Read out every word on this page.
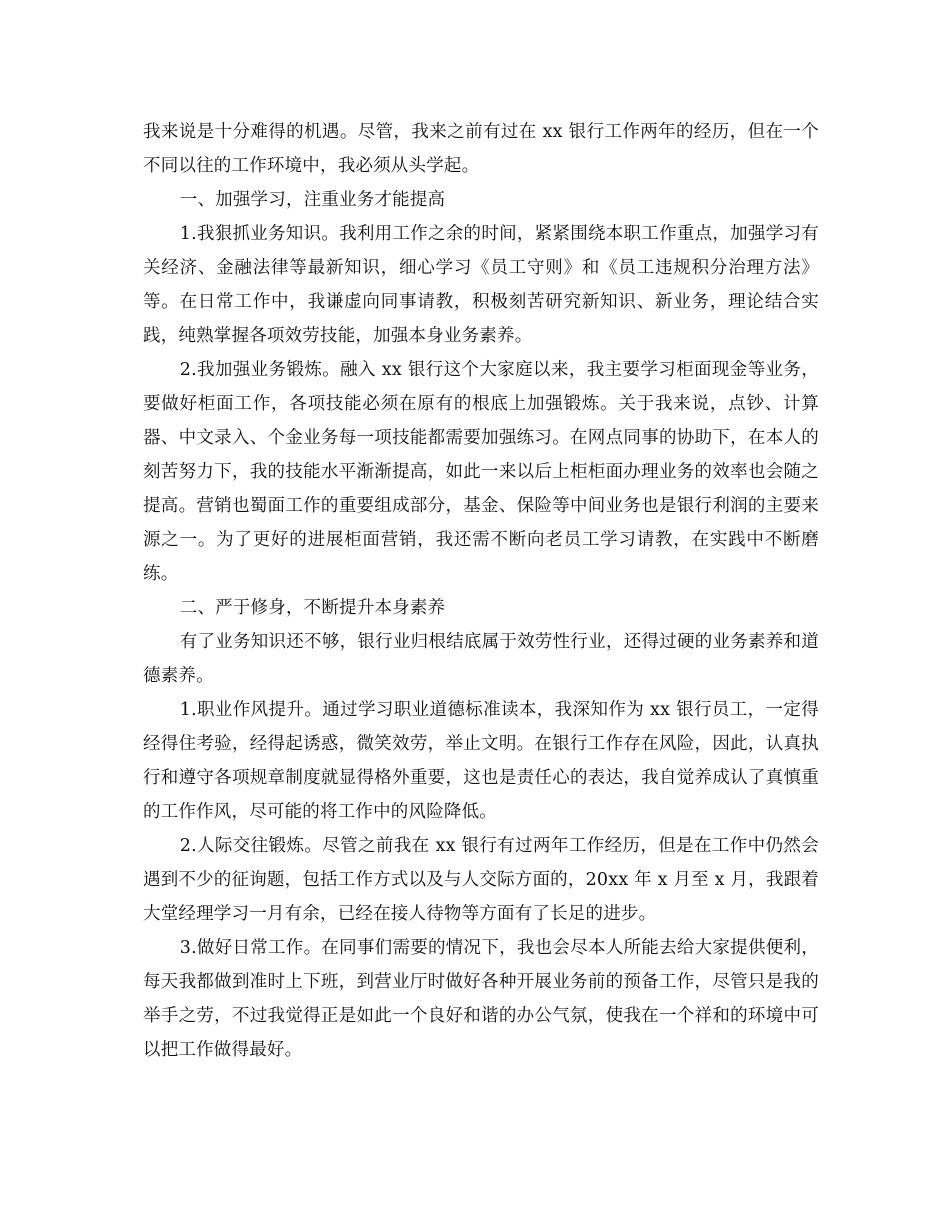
我来说是十分难得的机遇。尽管，我来之前有过在 xx 银行工作两年的经历，但在一个不同以往的工作环境中，我必须从头学起。

一、加强学习，注重业务才能提高

1.我狠抓业务知识。我利用工作之余的时间，紧紧围绕本职工作重点，加强学习有关经济、金融法律等最新知识，细心学习《员工守则》和《员工违规积分治理方法》等。在日常工作中，我谦虚向同事请教，积极刻苦研究新知识、新业务，理论结合实践，纯熟掌握各项效劳技能，加强本身业务素养。

2.我加强业务锻炼。融入 xx 银行这个大家庭以来，我主要学习柜面现金等业务，要做好柜面工作，各项技能必须在原有的根底上加强锻炼。关于我来说，点钞、计算器、中文录入、个金业务每一项技能都需要加强练习。在网点同事的协助下，在本人的刻苦努力下，我的技能水平渐渐提高，如此一来以后上柜柜面办理业务的效率也会随之提高。营销也蜀面工作的重要组成部分，基金、保险等中间业务也是银行利润的主要来源之一。为了更好的进展柜面营销，我还需不断向老员工学习请教，在实践中不断磨练。

二、严于修身，不断提升本身素养

有了业务知识还不够，银行业归根结底属于效劳性行业，还得过硬的业务素养和道德素养。

1.职业作风提升。通过学习职业道德标准读本，我深知作为 xx 银行员工，一定得经得住考验，经得起诱惑，微笑效劳，举止文明。在银行工作存在风险，因此，认真执行和遵守各项规章制度就显得格外重要，这也是责任心的表达，我自觉养成认了真慎重的工作作风，尽可能的将工作中的风险降低。

2.人际交往锻炼。尽管之前我在 xx 银行有过两年工作经历，但是在工作中仍然会遇到不少的征询题，包括工作方式以及与人交际方面的，20xx 年 x 月至 x 月，我跟着大堂经理学习一月有余，已经在接人待物等方面有了长足的进步。

3.做好日常工作。在同事们需要的情况下，我也会尽本人所能去给大家提供便利，每天我都做到准时上下班，到营业厅时做好各种开展业务前的预备工作，尽管只是我的举手之劳，不过我觉得正是如此一个良好和谐的办公气氛，使我在一个祥和的环境中可以把工作做得最好。
